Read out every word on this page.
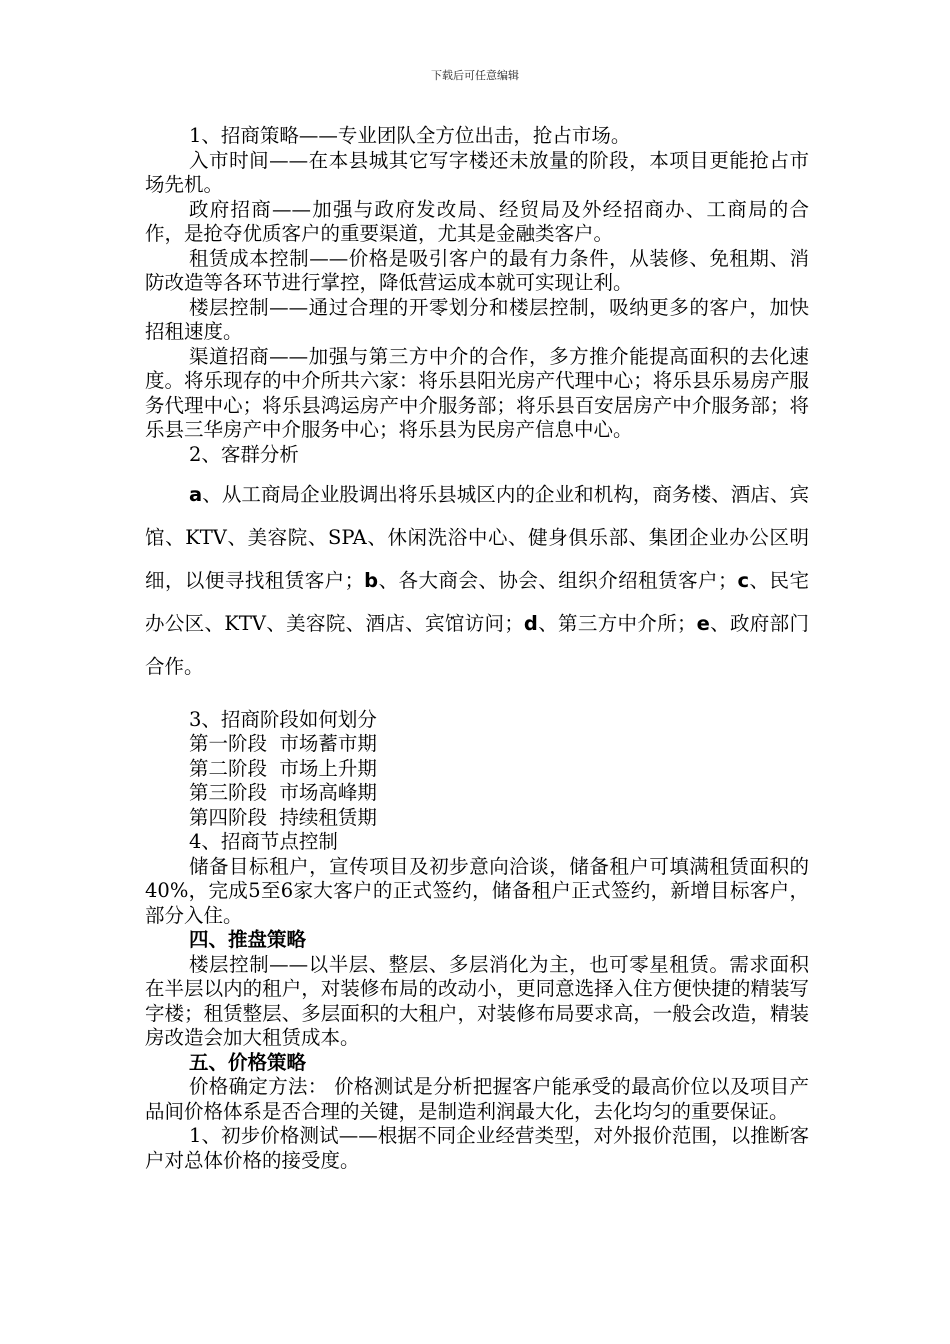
下载后可任意编辑

1、招商策略——专业团队全方位出击，抢占市场。

入市时间——在本县城其它写字楼还未放量的阶段，本项目更能抢占市场先机。

政府招商——加强与政府发改局、经贸局及外经招商办、工商局的合作，是抢夺优质客户的重要渠道，尤其是金融类客户。

租赁成本控制——价格是吸引客户的最有力条件，从装修、免租期、消防改造等各环节进行掌控，降低营运成本就可实现让利。

楼层控制——通过合理的开零划分和楼层控制，吸纳更多的客户，加快招租速度。

渠道招商——加强与第三方中介的合作，多方推介能提高面积的去化速度。将乐现存的中介所共六家：将乐县阳光房产代理中心；将乐县乐易房产服务代理中心；将乐县鸿运房产中介服务部；将乐县百安居房产中介服务部；将乐县三华房产中介服务中心；将乐县为民房产信息中心。

2、客群分析

a、从工商局企业股调出将乐县城区内的企业和机构，商务楼、酒店、宾馆、KTV、美容院、SPA、休闲洗浴中心、健身俱乐部、集团企业办公区明细，以便寻找租赁客户；b、各大商会、协会、组织介绍租赁客户；c、民宅办公区、KTV、美容院、酒店、宾馆访问；d、第三方中介所；e、政府部门合作。

3、招商阶段如何划分

第一阶段  市场蓄市期

第二阶段  市场上升期

第三阶段  市场高峰期

第四阶段  持续租赁期

4、招商节点控制

储备目标租户，宣传项目及初步意向洽谈，储备租户可填满租赁面积的40%，完成5至6家大客户的正式签约，储备租户正式签约，新增目标客户，部分入住。

四、推盘策略

楼层控制——以半层、整层、多层消化为主，也可零星租赁。需求面积在半层以内的租户，对装修布局的改动小，更同意选择入住方便快捷的精装写字楼；租赁整层、多层面积的大租户，对装修布局要求高，一般会改造，精装房改造会加大租赁成本。

五、价格策略

价格确定方法： 价格测试是分析把握客户能承受的最高价位以及项目产品间价格体系是否合理的关键，是制造利润最大化，去化均匀的重要保证。

1、初步价格测试——根据不同企业经营类型，对外报价范围，以推断客户对总体价格的接受度。
